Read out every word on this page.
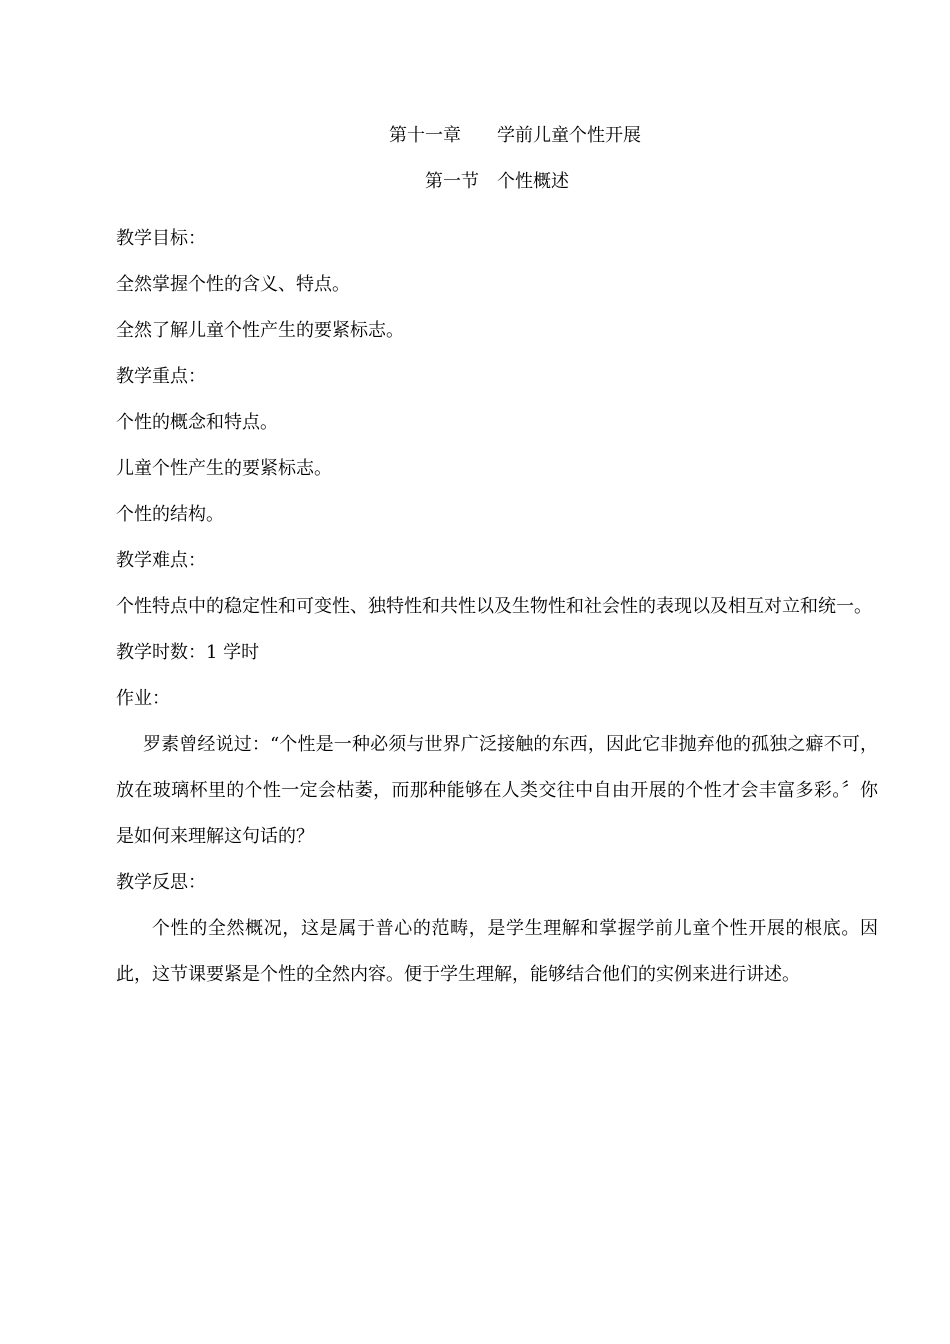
第十一章　　学前儿童个性开展
第一节　个性概述
教学目标：
全然掌握个性的含义、特点。
全然了解儿童个性产生的要紧标志。
教学重点：
个性的概念和特点。
儿童个性产生的要紧标志。
个性的结构。
教学难点：
个性特点中的稳定性和可变性、独特性和共性以及生物性和社会性的表现以及相互对立和统一。
教学时数：1 学时
作业：
罗素曾经说过：“个性是一种必须与世界广泛接触的东西，因此它非抛弃他的孤独之癖不可，放在玻璃杯里的个性一定会枯萎，而那种能够在人类交往中自由开展的个性才会丰富多彩。〞你是如何来理解这句话的？
教学反思：
个性的全然概况，这是属于普心的范畴，是学生理解和掌握学前儿童个性开展的根底。因此，这节课要紧是个性的全然内容。便于学生理解，能够结合他们的实例来进行讲述。
